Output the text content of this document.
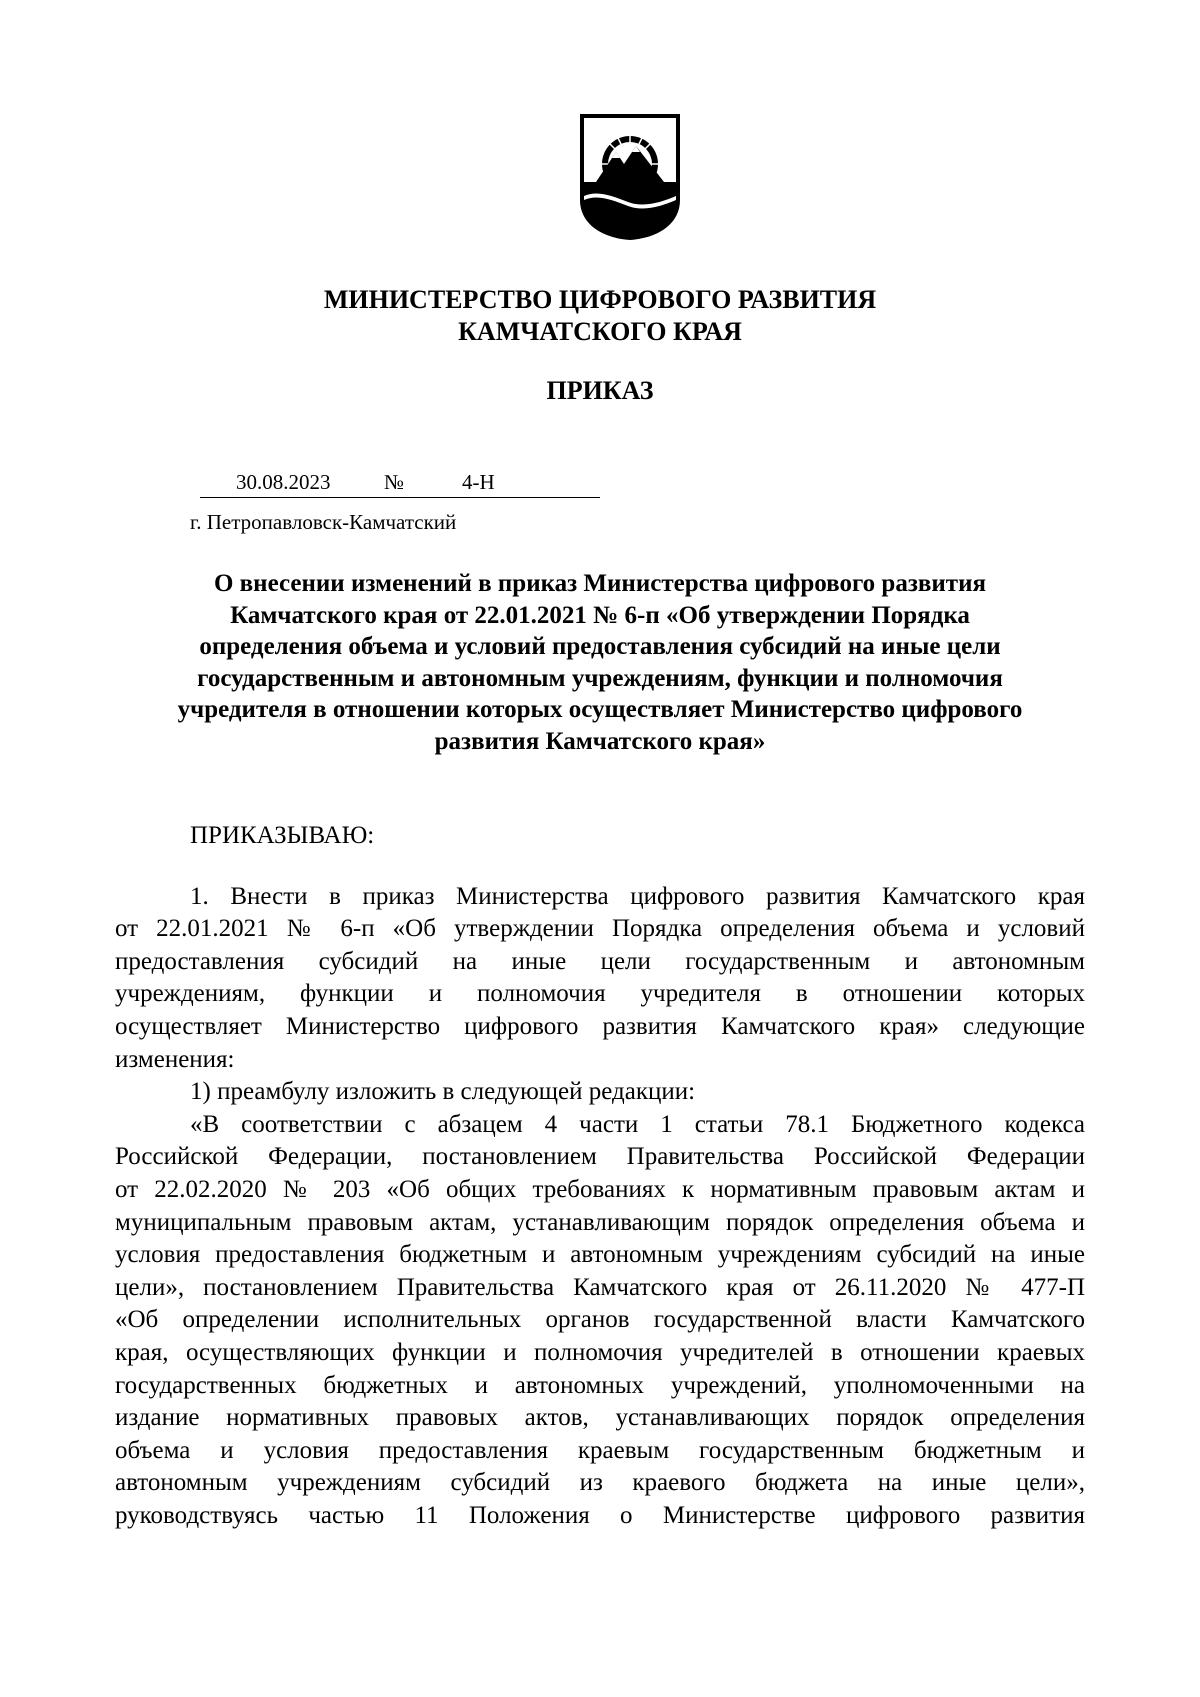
МИНИСТЕРСТВО ЦИФРОВОГО РАЗВИТИЯ
КАМЧАТСКОГО КРАЯ
ПРИКАЗ
30.08.2023	№	4-Н
г. Петропавловск-Камчатский
О внесении изменений в приказ Министерства цифрового развития
Камчатского края от 22.01.2021 № 6-п «Об утверждении Порядка
определения объема и условий предоставления субсидий на иные цели
государственным и автономным учреждениям, функции и полномочия
учредителя в отношении которых осуществляет Министерство цифрового
развития Камчатского края»
ПРИКАЗЫВАЮ:
1. Внести в приказ Министерства цифрового развития Камчатского края
от 22.01.2021 № 6-п «Об утверждении Порядка определения объема и условий
предоставления субсидий на иные цели государственным и автономным
учреждениям, функции и полномочия учредителя в отношении которых
осуществляет Министерство цифрового развития Камчатского края» следующие
изменения:
1) преамбулу изложить в следующей редакции:
«В соответствии с абзацем 4 части 1 статьи 78.1 Бюджетного кодекса
Российской Федерации, постановлением Правительства Российской Федерации
от 22.02.2020 № 203 «Об общих требованиях к нормативным правовым актам и
муниципальным правовым актам, устанавливающим порядок определения объема и
условия предоставления бюджетным и автономным учреждениям субсидий на иные
цели», постановлением Правительства Камчатского края от 26.11.2020 № 477-П
«Об определении исполнительных органов государственной власти Камчатского
края, осуществляющих функции и полномочия учредителей в отношении краевых
государственных бюджетных и автономных учреждений, уполномоченными на
издание нормативных правовых актов, устанавливающих порядок определения
объема и условия предоставления краевым государственным бюджетным и
автономным учреждениям субсидий из краевого бюджета на иные цели»,
руководствуясь частью 11 Положения о Министерстве цифрового развития
